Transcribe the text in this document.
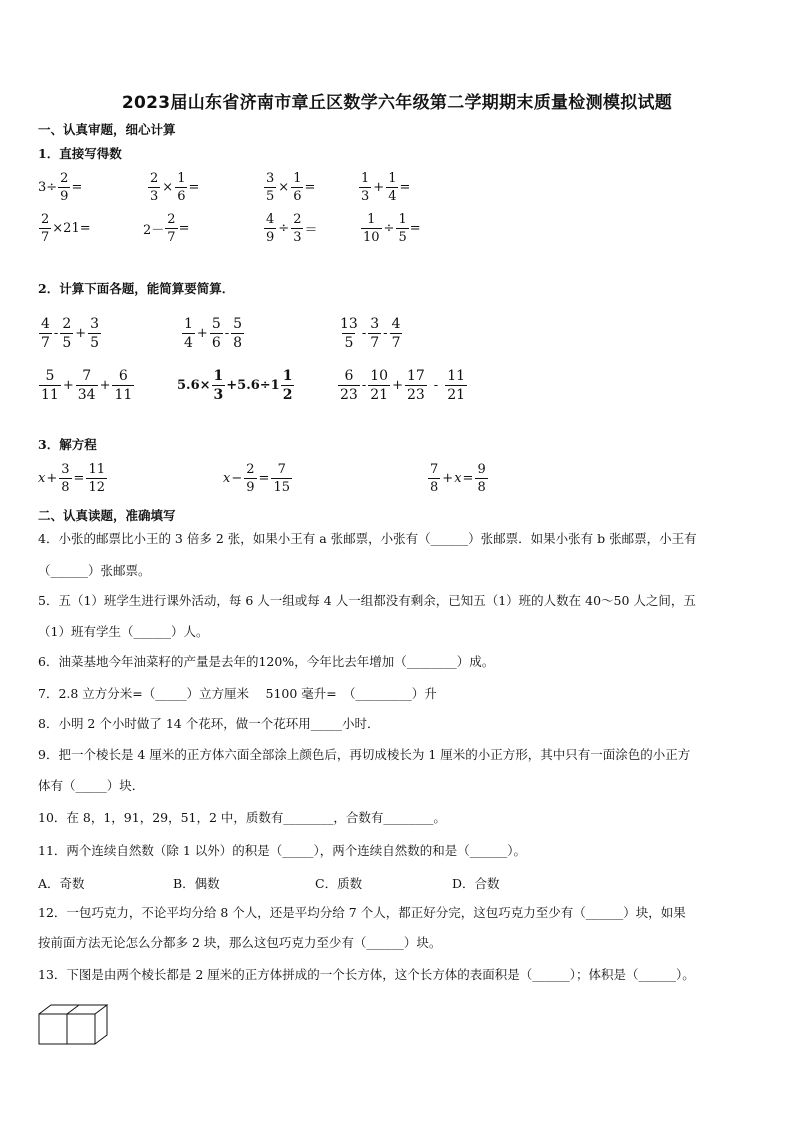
2023届山东省济南市章丘区数学六年级第二学期期末质量检测模拟试题
一、认真审题，细心计算
1．直接写得数
$3\div \frac{2}{9}$ =	$\frac{2}{3} \times \frac{1}{6}$ =	$\frac{3}{5} \times \frac{1}{6}$ =	$\frac{1}{3} + \frac{1}{4}$ =
$\frac{2}{7} \times 21=$	$2- \frac{2}{7}$ =	$\frac{4}{9} \div \frac{2}{3}$ ＝	$\frac{1}{10} \div \frac{1}{5}$ =
2．计算下面各题，能简算要简算．
$\frac{4}{7} - \frac{2}{5} + \frac{3}{5}$	$\frac{1}{4} + \frac{5}{6} - \frac{5}{8}$	$\frac{13}{5} - \frac{3}{7} - \frac{4}{7}$
$\frac{5}{11} + \frac{7}{34} + \frac{6}{11}$	$5.6\times \frac{1}{3} +5.6\div 1 \frac{1}{2}$	$\frac{6}{23} - \frac{10}{21} + \frac{17}{23} - \frac{11}{21}$
3．解方程
$x + \frac{3}{8} = \frac{11}{12}$	$x - \frac{2}{9} = \frac{7}{15}$	$\frac{7}{8} + x = \frac{9}{8}$
二、认真读题，准确填写
4．小张的邮票比小王的 3 倍多 2 张，如果小王有 a 张邮票，小张有（______）张邮票．如果小张有 b 张邮票，小王有
（______）张邮票。
5．五（1）班学生进行课外活动，每 6 人一组或每 4 人一组都没有剩余，已知五（1）班的人数在 40～50 人之间，五
（1）班有学生（______）人。
6．油菜基地今年油菜籽的产量是去年的120%，今年比去年增加（________）成。
7．2.8 立方分米=（_____）立方厘米　 5100 毫升=　（_________）升
8．小明 2 个小时做了 14 个花环，做一个花环用_____小时．
9．把一个棱长是 4 厘米的正方体六面全部涂上颜色后，再切成棱长为 1 厘米的小正方形，其中只有一面涂色的小正方
体有（_____）块．
10．在 8，1，91，29，51，2 中，质数有________，合数有________。
11．两个连续自然数（除 1 以外）的积是（_____），两个连续自然数的和是（______）。
A．奇数	B．偶数	C．质数	D．合数
12．一包巧克力，不论平均分给 8 个人，还是平均分给 7 个人，都正好分完，这包巧克力至少有（______）块，如果
按前面方法无论怎么分都多 2 块，那么这包巧克力至少有（______）块。
13．下图是由两个棱长都是 2 厘米的正方体拼成的一个长方体，这个长方体的表面积是（______）；体积是（______）。
